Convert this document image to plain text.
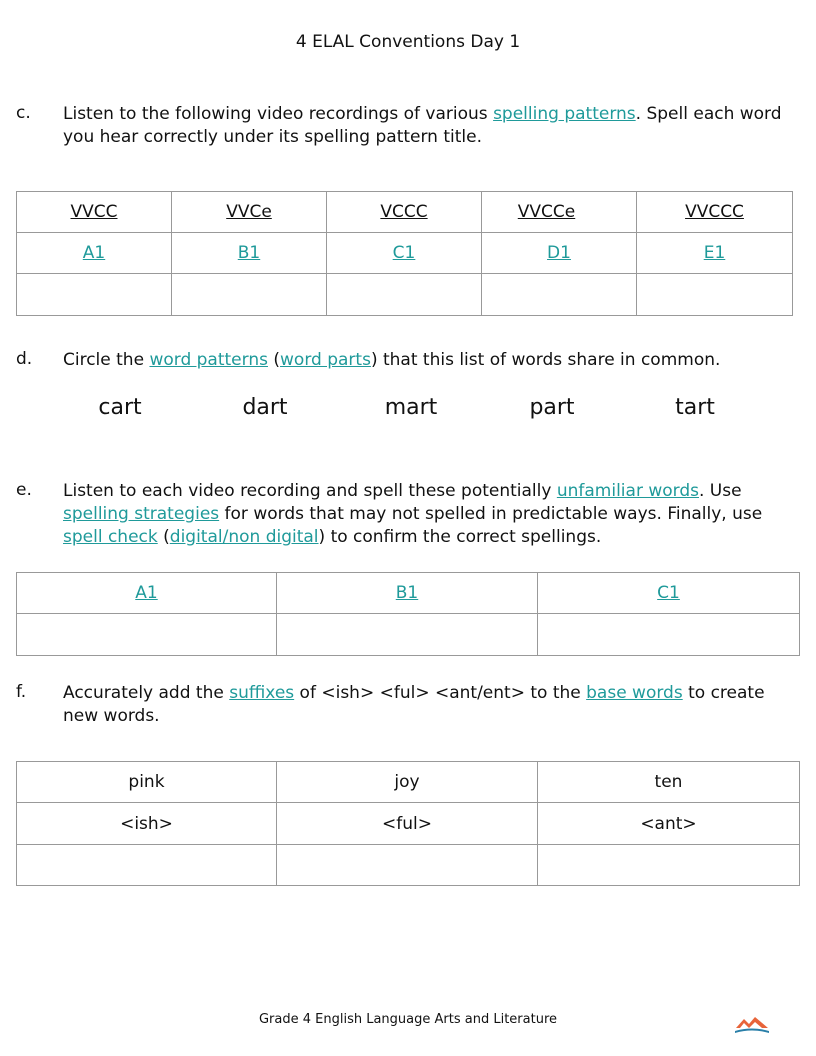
4 ELAL Conventions Day 1
c. Listen to the following video recordings of various spelling patterns. Spell each word you hear correctly under its spelling pattern title.
VVCC	VVCe	VCCC	VVCCe	VVCCC
A1	B1	C1	D1	E1

d. Circle the word patterns (word parts) that this list of words share in common.
cart	dart	mart	part	tart
e. Listen to each video recording and spell these potentially unfamiliar words. Use spelling strategies for words that may not spelled in predictable ways. Finally, use spell check (digital/non digital) to confirm the correct spellings.
A1	B1	C1

f. Accurately add the suffixes of <ish> <ful> <ant/ent> to the base words to create new words.
pink	joy	ten
<ish>	<ful>	<ant>

Grade 4 English Language Arts and Literature
